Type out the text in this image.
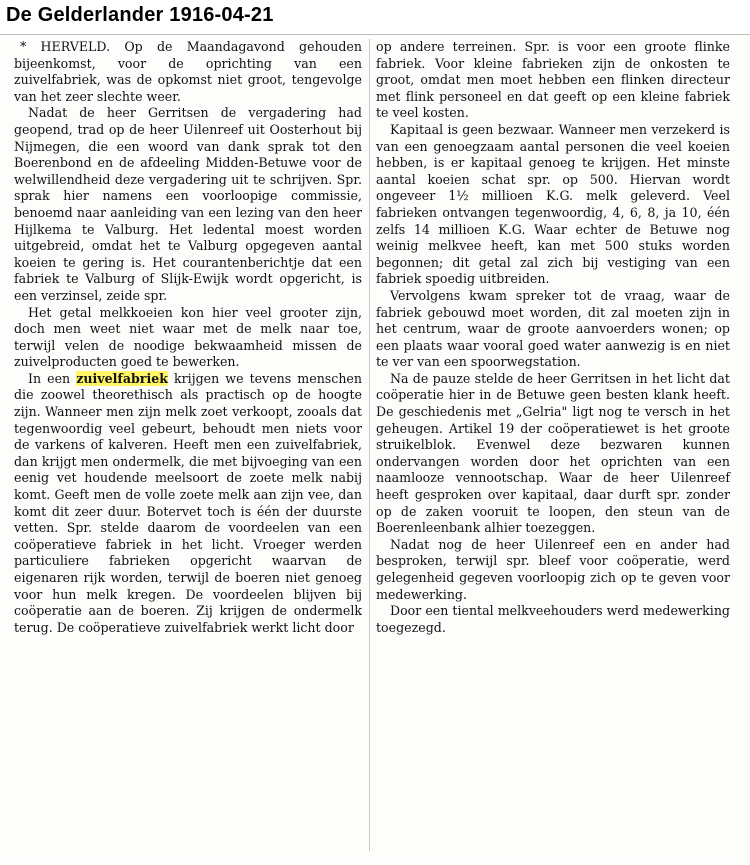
De Gelderlander 1916-04-21

* HERVELD. Op de Maandagavond gehouden bijeenkomst, voor de oprichting van een zuivelfabriek, was de opkomst niet groot, tengevolge van het zeer slechte weer.

Nadat de heer Gerritsen de vergadering had geopend, trad op de heer Uilenreef uit Oosterhout bij Nijmegen, die een woord van dank sprak tot den Boerenbond en de afdeeling Midden-Betuwe voor de welwillendheid deze vergadering uit te schrijven. Spr. sprak hier namens een voorloopige commissie, benoemd naar aanleiding van een lezing van den heer Hijlkema te Valburg. Het ledental moest worden uitgebreid, omdat het te Valburg opgegeven aantal koeien te gering is. Het courantenberichtje dat een fabriek te Valburg of Slijk-Ewijk wordt opgericht, is een verzinsel, zeide spr.

Het getal melkkoeien kon hier veel grooter zijn, doch men weet niet waar met de melk naar toe, terwijl velen de noodige bekwaamheid missen de zuivelproducten goed te bewerken.

In een zuivelfabriek krijgen we tevens menschen die zoowel theorethisch als practisch op de hoogte zijn. Wanneer men zijn melk zoet verkoopt, zooals dat tegenwoordig veel gebeurt, behoudt men niets voor de varkens of kalveren. Heeft men een zuivelfabriek, dan krijgt men ondermelk, die met bijvoeging van een eenig vet houdende meelsoort de zoete melk nabij komt. Geeft men de volle zoete melk aan zijn vee, dan komt dit zeer duur. Botervet toch is één der duurste vetten. Spr. stelde daarom de voordeelen van een coöperatieve fabriek in het licht. Vroeger werden particuliere fabrieken opgericht waarvan de eigenaren rijk worden, terwijl de boeren niet genoeg voor hun melk kregen. De voordeelen blijven bij coöperatie aan de boeren. Zij krijgen de ondermelk terug. De coöperatieve zuivelfabriek werkt licht door

op andere terreinen. Spr. is voor een groote flinke fabriek. Voor kleine fabrieken zijn de onkosten te groot, omdat men moet hebben een flinken directeur met flink personeel en dat geeft op een kleine fabriek te veel kosten.

Kapitaal is geen bezwaar. Wanneer men verzekerd is van een genoegzaam aantal personen die veel koeien hebben, is er kapitaal genoeg te krijgen. Het minste aantal koeien schat spr. op 500. Hiervan wordt ongeveer 1½ millioen K.G. melk geleverd. Veel fabrieken ontvangen tegenwoordig, 4, 6, 8, ja 10, één zelfs 14 millioen K.G. Waar echter de Betuwe nog weinig melkvee heeft, kan met 500 stuks worden begonnen; dit getal zal zich bij vestiging van een fabriek spoedig uitbreiden.

Vervolgens kwam spreker tot de vraag, waar de fabriek gebouwd moet worden, dit zal moeten zijn in het centrum, waar de groote aanvoerders wonen; op een plaats waar vooral goed water aanwezig is en niet te ver van een spoorwegstation.

Na de pauze stelde de heer Gerritsen in het licht dat coöperatie hier in de Betuwe geen besten klank heeft. De geschiedenis met „Gelria" ligt nog te versch in het geheugen. Artikel 19 der coöperatiewet is het groote struikelblok. Evenwel deze bezwaren kunnen ondervangen worden door het oprichten van een naamlooze vennootschap. Waar de heer Uilenreef heeft gesproken over kapitaal, daar durft spr. zonder op de zaken vooruit te loopen, den steun van de Boerenleenbank alhier toezeggen.

Nadat nog de heer Uilenreef een en ander had besproken, terwijl spr. bleef voor coöperatie, werd gelegenheid gegeven voorloopig zich op te geven voor medewerking.

Door een tiental melkveehouders werd medewerking toegezegd.
